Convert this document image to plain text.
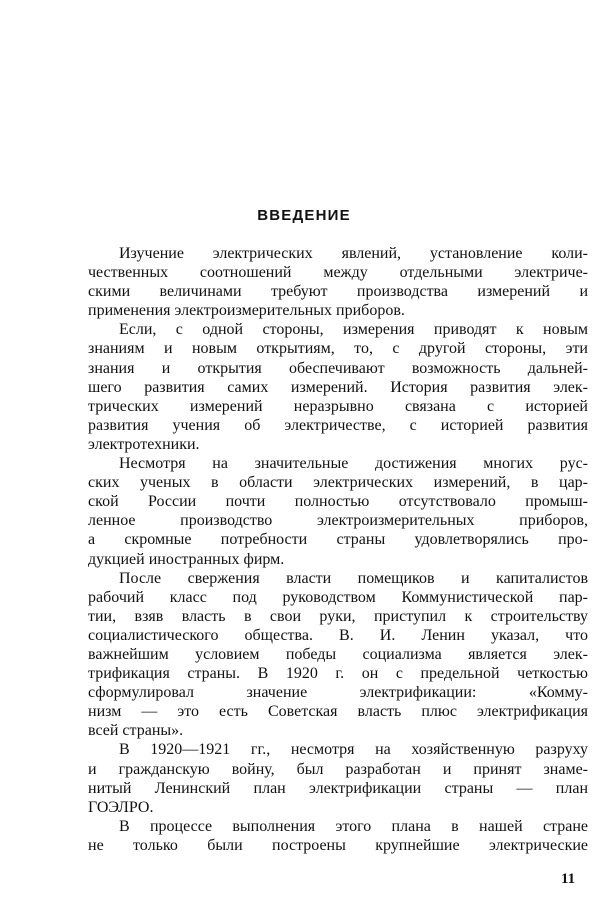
ВВЕДЕНИЕ
Изучение электрических явлений, установление коли-
чественных соотношений между отдельными электриче-
скими величинами требуют производства измерений и
применения электроизмерительных приборов.
Если, с одной стороны, измерения приводят к новым
знаниям и новым открытиям, то, с другой стороны, эти
знания и открытия обеспечивают возможность дальней-
шего развития самих измерений. История развития элек-
трических измерений неразрывно связана с историей
развития учения об электричестве, с историей развития
электротехники.
Несмотря на значительные достижения многих рус-
ских ученых в области электрических измерений, в цар-
ской России почти полностью отсутствовало промыш-
ленное производство электроизмерительных приборов,
а скромные потребности страны удовлетворялись про-
дукцией иностранных фирм.
После свержения власти помещиков и капиталистов
рабочий класс под руководством Коммунистической пар-
тии, взяв власть в свои руки, приступил к строительству
социалистического общества. В. И. Ленин указал, что
важнейшим условием победы социализма является элек-
трификация страны. В 1920 г. он с предельной четкостью
сформулировал значение электрификации: «Комму-
низм — это есть Советская власть плюс электрификация
всей страны».
В 1920—1921 гг., несмотря на хозяйственную разруху
и гражданскую войну, был разработан и принят знаме-
нитый Ленинский план электрификации страны — план
ГОЭЛРО.
В процессе выполнения этого плана в нашей стране
не только были построены крупнейшие электрические
11
